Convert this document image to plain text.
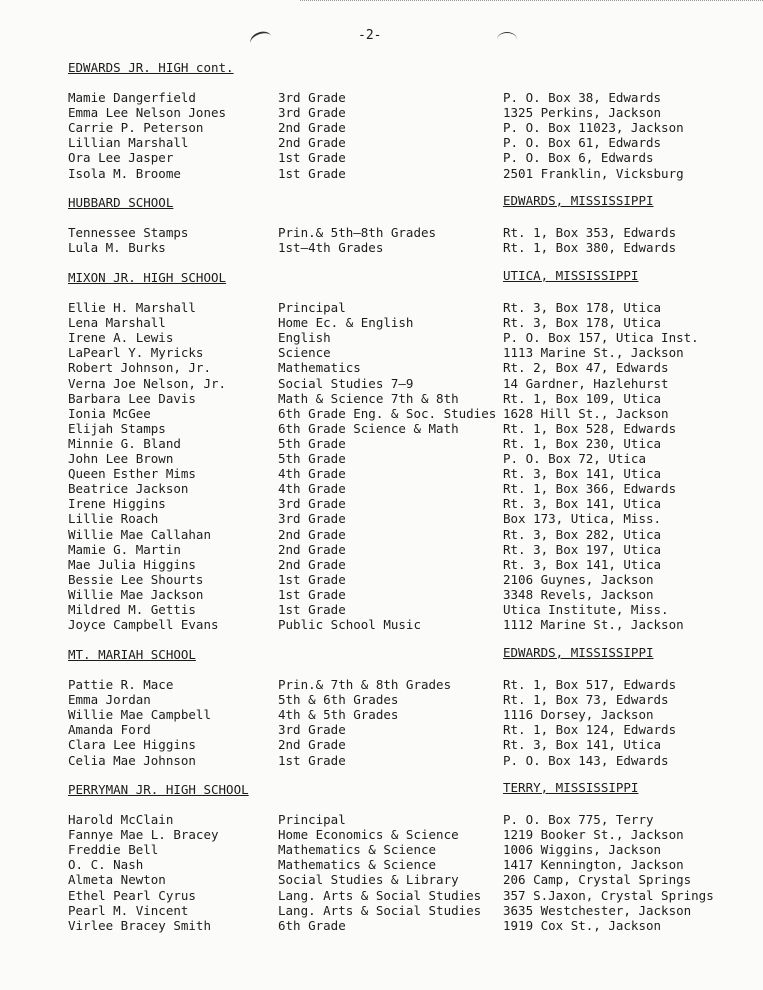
-2-
EDWARDS JR. HIGH cont.
Mamie Dangerfield	3rd Grade	P. O. Box 38, Edwards
Emma Lee Nelson Jones	3rd Grade	1325 Perkins, Jackson
Carrie P. Peterson	2nd Grade	P. O. Box 11023, Jackson
Lillian Marshall	2nd Grade	P. O. Box 61, Edwards
Ora Lee Jasper	1st Grade	P. O. Box 6, Edwards
Isola M. Broome	1st Grade	2501 Franklin, Vicksburg
HUBBARD SCHOOL	EDWARDS, MISSISSIPPI
Tennessee Stamps	Prin.& 5th—8th Grades	Rt. 1, Box 353, Edwards
Lula M. Burks	1st—4th Grades	Rt. 1, Box 380, Edwards
MIXON JR. HIGH SCHOOL	UTICA, MISSISSIPPI
Ellie H. Marshall	Principal	Rt. 3, Box 178, Utica
Lena Marshall	Home Ec. & English	Rt. 3, Box 178, Utica
Irene A. Lewis	English	P. O. Box 157, Utica Inst.
LaPearl Y. Myricks	Science	1113 Marine St., Jackson
Robert Johnson, Jr.	Mathematics	Rt. 2, Box 47, Edwards
Verna Joe Nelson, Jr.	Social Studies 7—9	14 Gardner, Hazlehurst
Barbara Lee Davis	Math & Science 7th & 8th	Rt. 1, Box 109, Utica
Ionia McGee	6th Grade Eng. & Soc. Studies 1628 Hill St., Jackson
Elijah Stamps	6th Grade Science & Math	Rt. 1, Box 528, Edwards
Minnie G. Bland	5th Grade	Rt. 1, Box 230, Utica
John Lee Brown	5th Grade	P. O. Box 72, Utica
Queen Esther Mims	4th Grade	Rt. 3, Box 141, Utica
Beatrice Jackson	4th Grade	Rt. 1, Box 366, Edwards
Irene Higgins	3rd Grade	Rt. 3, Box 141, Utica
Lillie Roach	3rd Grade	Box 173, Utica, Miss.
Willie Mae Callahan	2nd Grade	Rt. 3, Box 282, Utica
Mamie G. Martin	2nd Grade	Rt. 3, Box 197, Utica
Mae Julia Higgins	2nd Grade	Rt. 3, Box 141, Utica
Bessie Lee Shourts	1st Grade	2106 Guynes, Jackson
Willie Mae Jackson	1st Grade	3348 Revels, Jackson
Mildred M. Gettis	1st Grade	Utica Institute, Miss.
Joyce Campbell Evans	Public School Music	1112 Marine St., Jackson
MT. MARIAH SCHOOL	EDWARDS, MISSISSIPPI
Pattie R. Mace	Prin.& 7th & 8th Grades	Rt. 1, Box 517, Edwards
Emma Jordan	5th & 6th Grades	Rt. 1, Box 73, Edwards
Willie Mae Campbell	4th & 5th Grades	1116 Dorsey, Jackson
Amanda Ford	3rd Grade	Rt. 1, Box 124, Edwards
Clara Lee Higgins	2nd Grade	Rt. 3, Box 141, Utica
Celia Mae Johnson	1st Grade	P. O. Box 143, Edwards
PERRYMAN JR. HIGH SCHOOL	TERRY, MISSISSIPPI
Harold McClain	Principal	P. O. Box 775, Terry
Fannye Mae L. Bracey	Home Economics & Science	1219 Booker St., Jackson
Freddie Bell	Mathematics & Science	1006 Wiggins, Jackson
O. C. Nash	Mathematics & Science	1417 Kennington, Jackson
Almeta Newton	Social Studies & Library	206 Camp, Crystal Springs
Ethel Pearl Cyrus	Lang. Arts & Social Studies 357 S.Jaxon, Crystal Springs
Pearl M. Vincent	Lang. Arts & Social Studies 3635 Westchester, Jackson
Virlee Bracey Smith	6th Grade	1919 Cox St., Jackson
